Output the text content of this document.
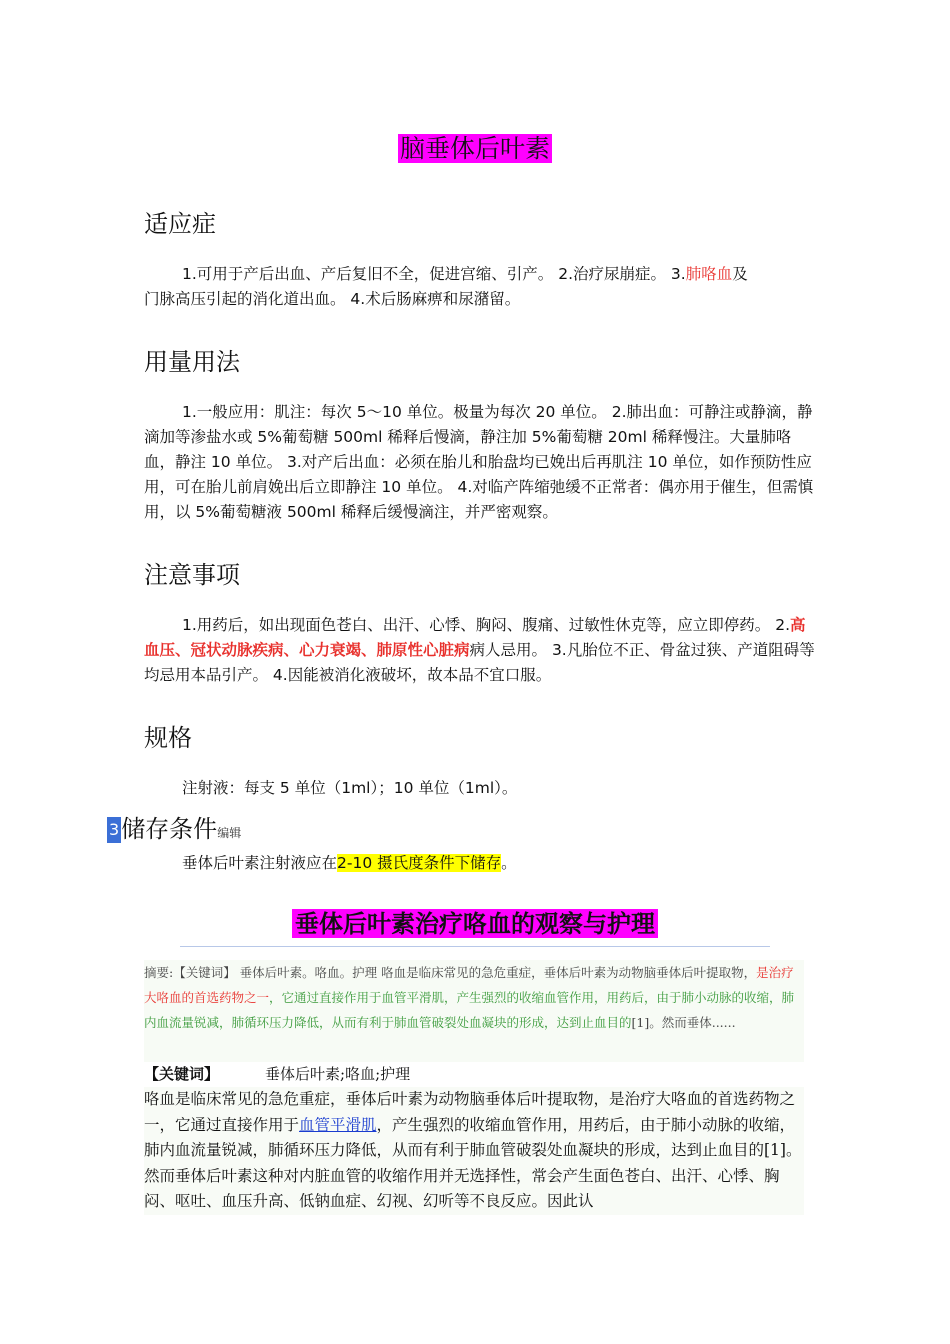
脑垂体后叶素
适应症
1.可用于产后出血、产后复旧不全，促进宫缩、引产。 2.治疗尿崩症。 3.肺咯血及
门脉高压引起的消化道出血。 4.术后肠麻痹和尿潴留。
用量用法
1.一般应用：肌注：每次 5～10 单位。极量为每次 20 单位。 2.肺出血：可静注或静滴，静滴加等渗盐水或 5%葡萄糖 500ml 稀释后慢滴，静注加 5%葡萄糖 20ml 稀释慢注。大量肺咯血，静注 10 单位。 3.对产后出血：必须在胎儿和胎盘均已娩出后再肌注 10 单位，如作预防性应用，可在胎儿前肩娩出后立即静注 10 单位。 4.对临产阵缩弛缓不正常者：偶亦用于催生，但需慎用，以 5%葡萄糖液 500ml 稀释后缓慢滴注，并严密观察。
注意事项
1.用药后，如出现面色苍白、出汗、心悸、胸闷、腹痛、过敏性休克等，应立即停药。 2.高血压、冠状动脉疾病、心力衰竭、肺原性心脏病病人忌用。 3.凡胎位不正、骨盆过狭、产道阻碍等均忌用本品引产。 4.因能被消化液破坏，故本品不宜口服。
规格
注射液：每支 5 单位（1ml）；10 单位（1ml）。
3储存条件编辑
垂体后叶素注射液应在2-10 摄氏度条件下储存。
垂体后叶素治疗咯血的观察与护理
摘要:【关键词】 垂体后叶素。咯血。护理 咯血是临床常见的急危重症，垂体后叶素为动物脑垂体后叶提取物，是治疗大咯血的首选药物之一，它通过直接作用于血管平滑肌，产生强烈的收缩血管作用，用药后，由于肺小动脉的收缩，肺内血流量锐减，肺循环压力降低，从而有利于肺血管破裂处血凝块的形成，达到止血目的[1]。然而垂体......
【关键词】	垂体后叶素;咯血;护理
咯血是临床常见的急危重症，垂体后叶素为动物脑垂体后叶提取物，是治疗大咯血的首选药物之一，它通过直接作用于血管平滑肌，产生强烈的收缩血管作用，用药后，由于肺小动脉的收缩，肺内血流量锐减，肺循环压力降低，从而有利于肺血管破裂处血凝块的形成，达到止血目的[1]。然而垂体后叶素这种对内脏血管的收缩作用并无选择性，常会产生面色苍白、出汗、心悸、胸闷、呕吐、血压升高、低钠血症、幻视、幻听等不良反应。因此认
